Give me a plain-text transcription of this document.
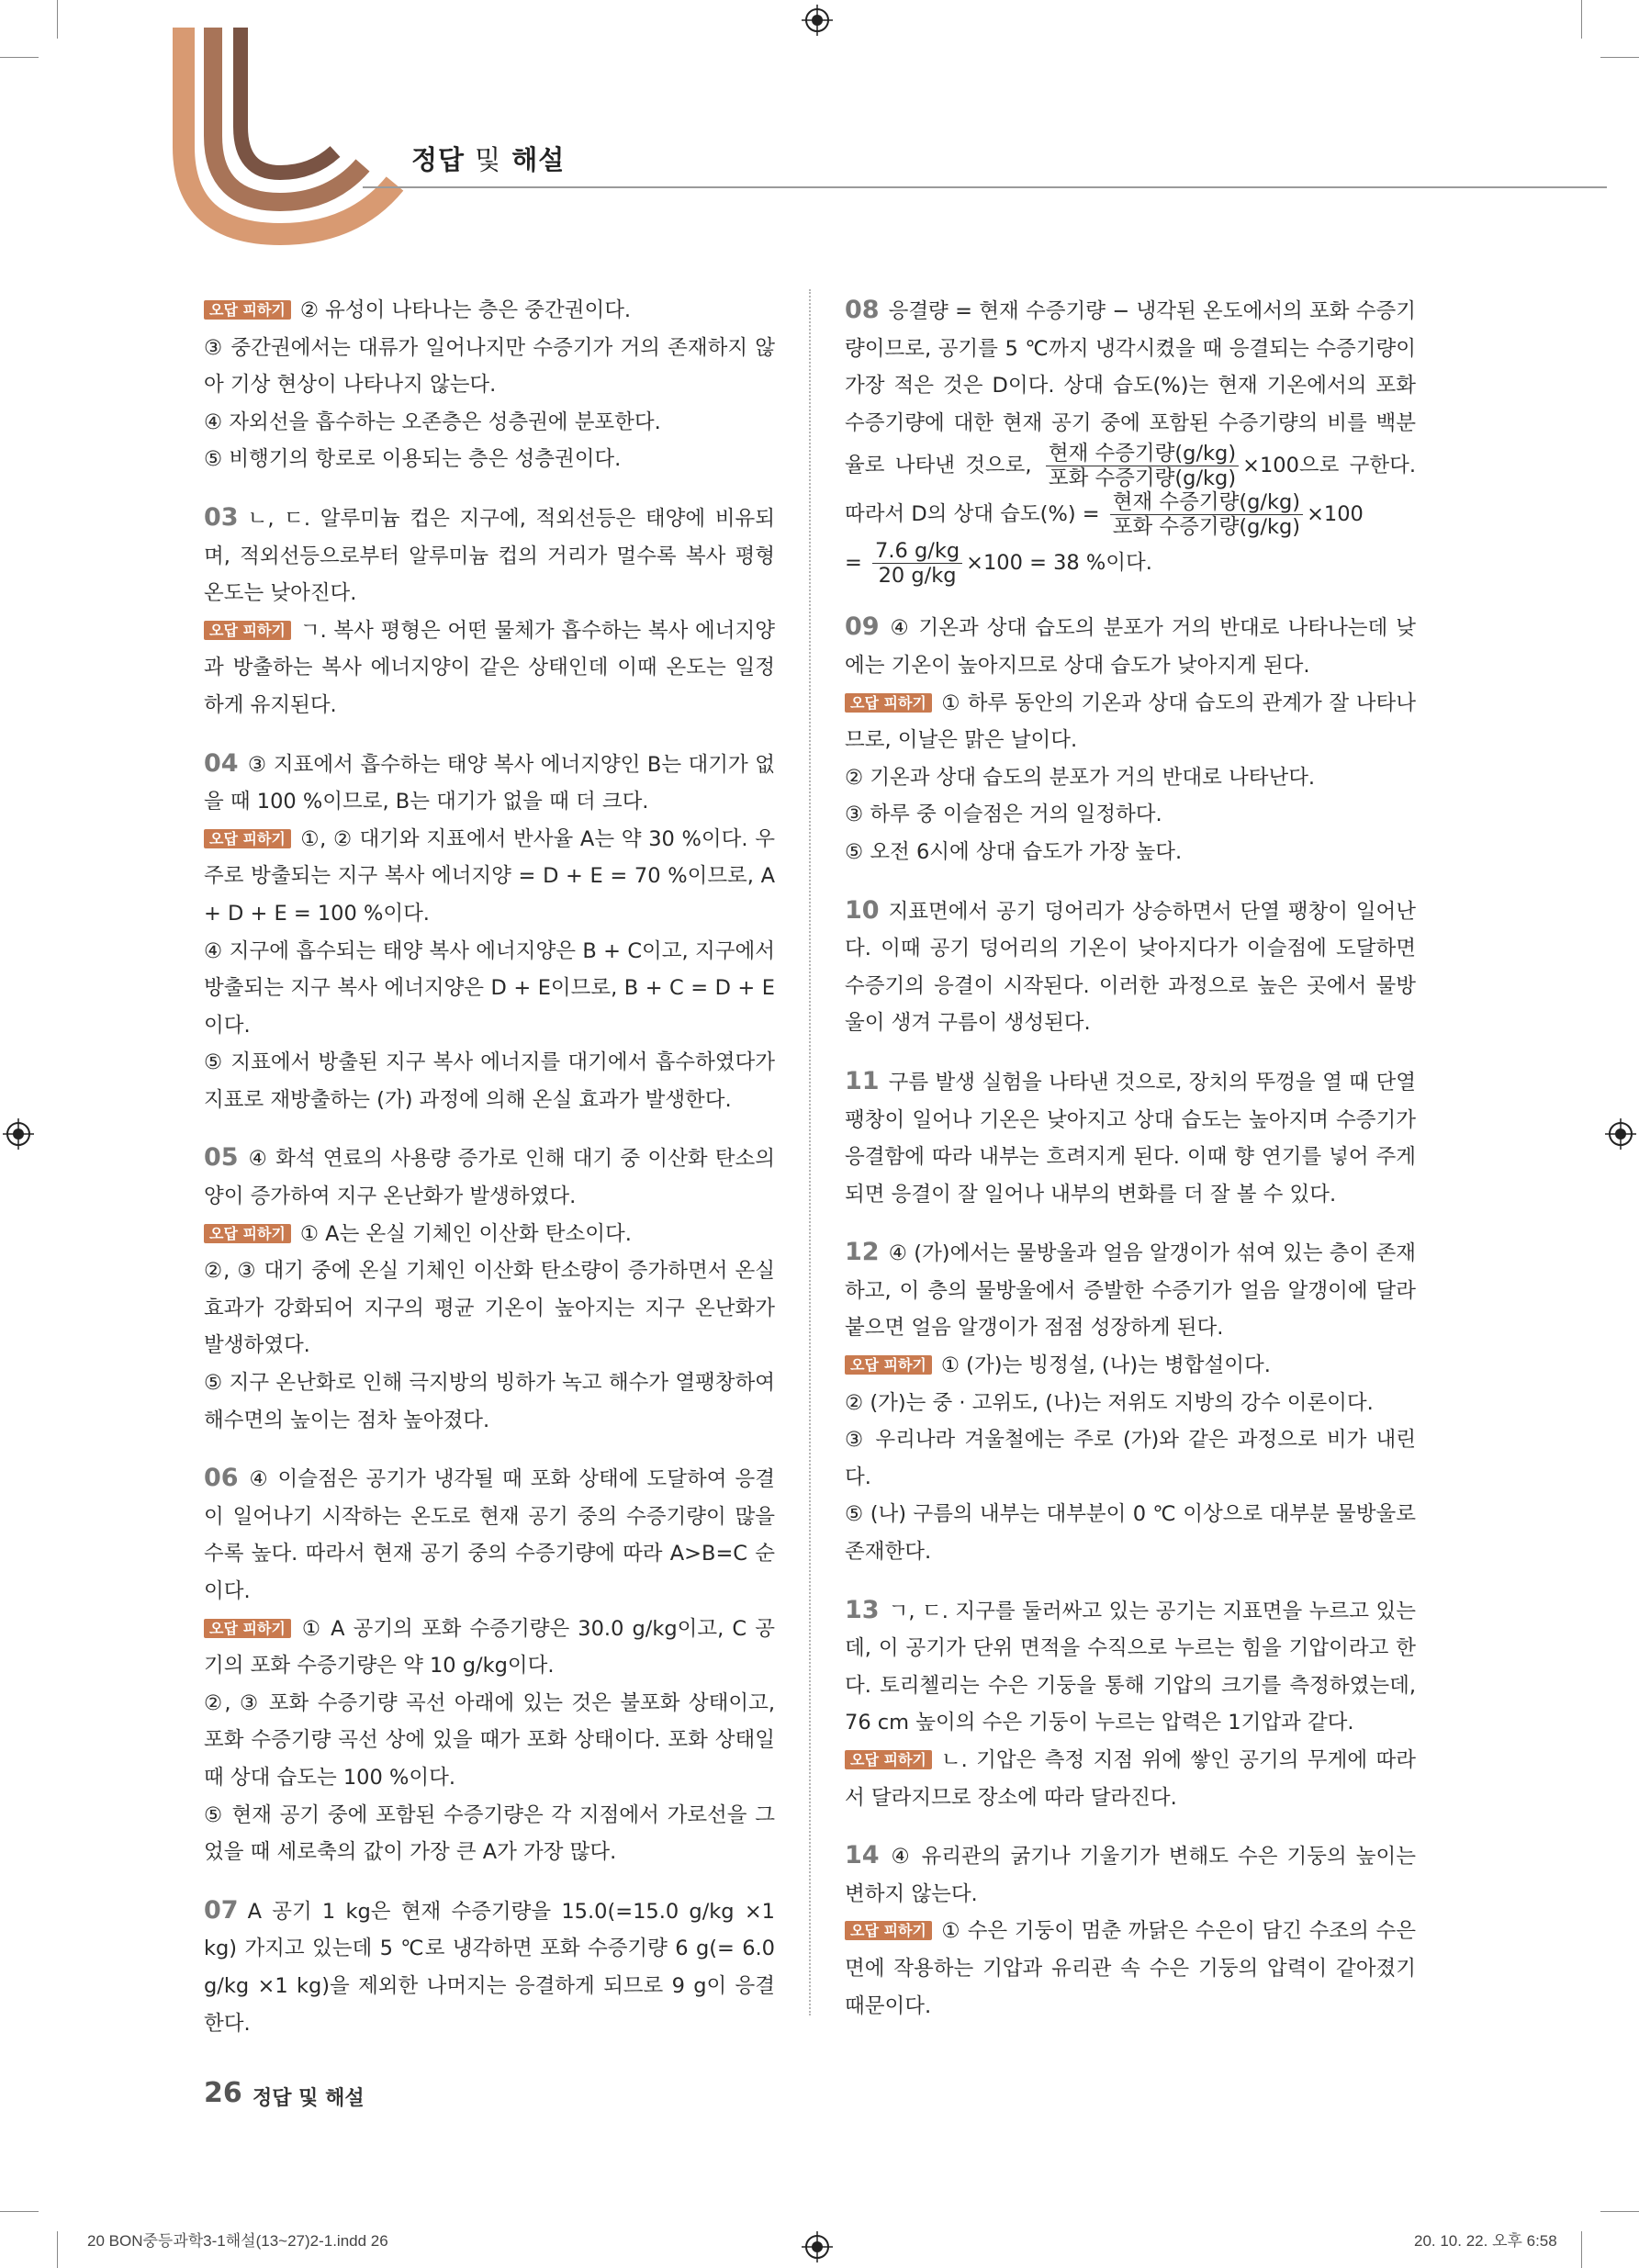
정답 및 해설

오답 피하기 ② 유성이 나타나는 층은 중간권이다.

③ 중간권에서는 대류가 일어나지만 수증기가 거의 존재하지 않아 기상 현상이 나타나지 않는다.

④ 자외선을 흡수하는 오존층은 성층권에 분포한다.

⑤ 비행기의 항로로 이용되는 층은 성층권이다.

03 ㄴ, ㄷ. 알루미늄 컵은 지구에, 적외선등은 태양에 비유되며, 적외선등으로부터 알루미늄 컵의 거리가 멀수록 복사 평형 온도는 낮아진다.

오답 피하기 ㄱ. 복사 평형은 어떤 물체가 흡수하는 복사 에너지양과 방출하는 복사 에너지양이 같은 상태인데 이때 온도는 일정하게 유지된다.

04 ③ 지표에서 흡수하는 태양 복사 에너지양인 B는 대기가 없을 때 100 %이므로, B는 대기가 없을 때 더 크다.

오답 피하기 ①, ② 대기와 지표에서 반사율 A는 약 30 %이다. 우주로 방출되는 지구 복사 에너지양 = D + E = 70 %이므로, A + D + E = 100 %이다.

④ 지구에 흡수되는 태양 복사 에너지양은 B + C이고, 지구에서 방출되는 지구 복사 에너지양은 D + E이므로, B + C = D + E이다.

⑤ 지표에서 방출된 지구 복사 에너지를 대기에서 흡수하였다가 지표로 재방출하는 (가) 과정에 의해 온실 효과가 발생한다.

05 ④ 화석 연료의 사용량 증가로 인해 대기 중 이산화 탄소의 양이 증가하여 지구 온난화가 발생하였다.

오답 피하기 ① A는 온실 기체인 이산화 탄소이다.

②, ③ 대기 중에 온실 기체인 이산화 탄소량이 증가하면서 온실 효과가 강화되어 지구의 평균 기온이 높아지는 지구 온난화가 발생하였다.

⑤ 지구 온난화로 인해 극지방의 빙하가 녹고 해수가 열팽창하여 해수면의 높이는 점차 높아졌다.

06 ④ 이슬점은 공기가 냉각될 때 포화 상태에 도달하여 응결이 일어나기 시작하는 온도로 현재 공기 중의 수증기량이 많을수록 높다. 따라서 현재 공기 중의 수증기량에 따라 A>B=C 순이다.

오답 피하기 ① A 공기의 포화 수증기량은 30.0 g/kg이고, C 공기의 포화 수증기량은 약 10 g/kg이다.

②, ③ 포화 수증기량 곡선 아래에 있는 것은 불포화 상태이고, 포화 수증기량 곡선 상에 있을 때가 포화 상태이다. 포화 상태일 때 상대 습도는 100 %이다.

⑤ 현재 공기 중에 포함된 수증기량은 각 지점에서 가로선을 그었을 때 세로축의 값이 가장 큰 A가 가장 많다.

07 A 공기 1 kg은 현재 수증기량을 15.0(=15.0 g/kg ×1 kg) 가지고 있는데 5 ℃로 냉각하면 포화 수증기량 6 g(= 6.0 g/kg ×1 kg)을 제외한 나머지는 응결하게 되므로 9 g이 응결한다.

08 응결량 = 현재 수증기량 − 냉각된 온도에서의 포화 수증기량이므로, 공기를 5 ℃까지 냉각시켰을 때 응결되는 수증기량이 가장 적은 것은 D이다. 상대 습도(%)는 현재 기온에서의 포화 수증기량에 대한 현재 공기 중에 포함된 수증기량의 비를 백분율로 나타낸 것으로, $\frac{\text{현재 수증기량(g/kg)}}{\text{포화 수증기량(g/kg)}} \times 100$으로 구한다. 따라서 D의 상대 습도(%) = $\frac{\text{현재 수증기량(g/kg)}}{\text{포화 수증기량(g/kg)}} \times 100$

= $\frac{7.6 g/kg}{20 g/kg} \times 100 = 38$ %이다.

09 ④ 기온과 상대 습도의 분포가 거의 반대로 나타나는데 낮에는 기온이 높아지므로 상대 습도가 낮아지게 된다.

오답 피하기 ① 하루 동안의 기온과 상대 습도의 관계가 잘 나타나므로, 이날은 맑은 날이다.

② 기온과 상대 습도의 분포가 거의 반대로 나타난다.

③ 하루 중 이슬점은 거의 일정하다.

⑤ 오전 6시에 상대 습도가 가장 높다.

10 지표면에서 공기 덩어리가 상승하면서 단열 팽창이 일어난다. 이때 공기 덩어리의 기온이 낮아지다가 이슬점에 도달하면 수증기의 응결이 시작된다. 이러한 과정으로 높은 곳에서 물방울이 생겨 구름이 생성된다.

11 구름 발생 실험을 나타낸 것으로, 장치의 뚜껑을 열 때 단열 팽창이 일어나 기온은 낮아지고 상대 습도는 높아지며 수증기가 응결함에 따라 내부는 흐려지게 된다. 이때 향 연기를 넣어 주게 되면 응결이 잘 일어나 내부의 변화를 더 잘 볼 수 있다.

12 ④ (가)에서는 물방울과 얼음 알갱이가 섞여 있는 층이 존재하고, 이 층의 물방울에서 증발한 수증기가 얼음 알갱이에 달라붙으면 얼음 알갱이가 점점 성장하게 된다.

오답 피하기 ① (가)는 빙정설, (나)는 병합설이다.

② (가)는 중 · 고위도, (나)는 저위도 지방의 강수 이론이다.

③ 우리나라 겨울철에는 주로 (가)와 같은 과정으로 비가 내린다.

⑤ (나) 구름의 내부는 대부분이 0 ℃ 이상으로 대부분 물방울로 존재한다.

13 ㄱ, ㄷ. 지구를 둘러싸고 있는 공기는 지표면을 누르고 있는데, 이 공기가 단위 면적을 수직으로 누르는 힘을 기압이라고 한다. 토리첼리는 수은 기둥을 통해 기압의 크기를 측정하였는데, 76 cm 높이의 수은 기둥이 누르는 압력은 1기압과 같다.

오답 피하기 ㄴ. 기압은 측정 지점 위에 쌓인 공기의 무게에 따라서 달라지므로 장소에 따라 달라진다.

14 ④ 유리관의 굵기나 기울기가 변해도 수은 기둥의 높이는 변하지 않는다.

오답 피하기 ① 수은 기둥이 멈춘 까닭은 수은이 담긴 수조의 수은 면에 작용하는 기압과 유리관 속 수은 기둥의 압력이 같아졌기 때문이다.

26 정답 및 해설
20 BON중등과학3-1해설(13~27)2-1.indd 26	20. 10. 22. 오후 6:58
